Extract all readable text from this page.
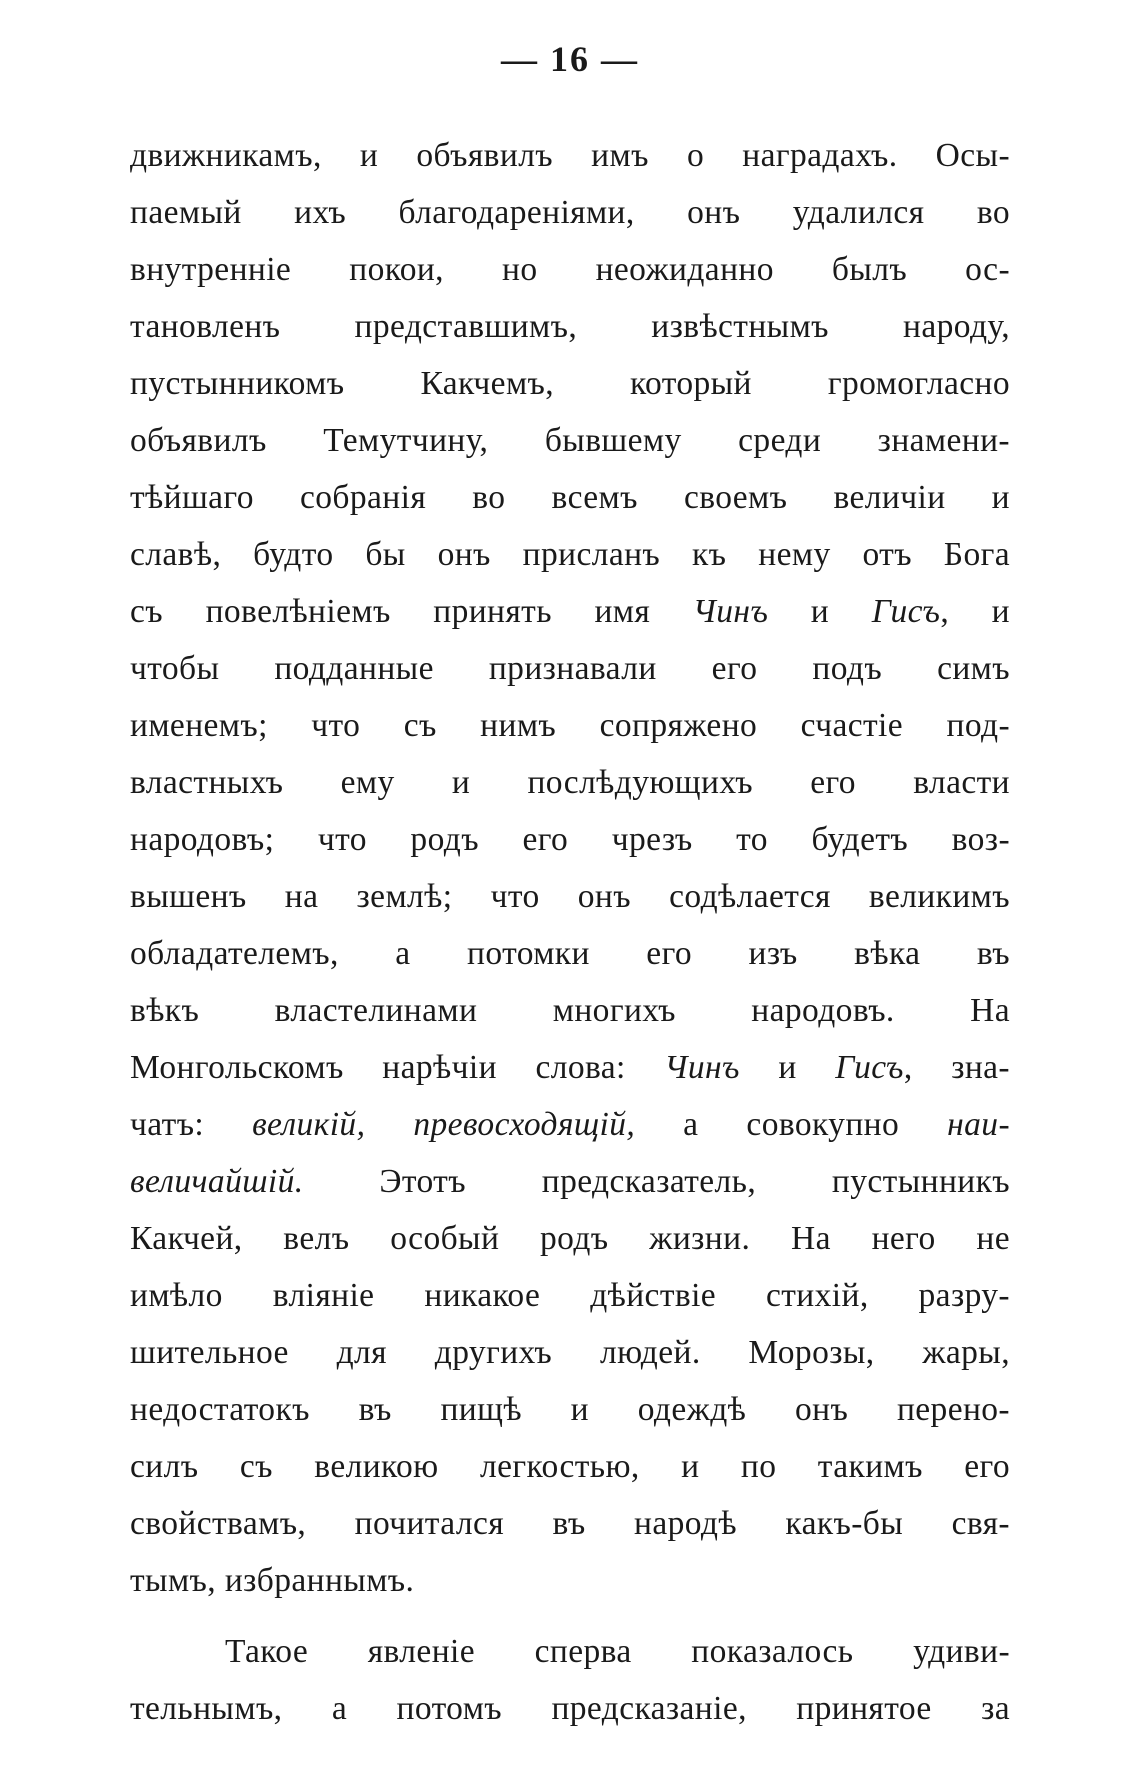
— 16 —
движникамъ, и объявилъ имъ о наградахъ. Осы-
паемый ихъ благодареніями, онъ удалился во
внутренніе покои, но неожиданно былъ ос-
тановленъ представшимъ, извѣстнымъ народу,
пустынникомъ Какчемъ, который громогласно
объявилъ Темутчину, бывшему среди знамени-
тѣйшаго собранія во всемъ своемъ величіи и
славѣ, будто бы онъ присланъ къ нему отъ Бога
съ повелѣніемъ принять имя Чинъ и Гисъ, и
чтобы подданные признавали его подъ симъ
именемъ; что съ нимъ сопряжено счастіе под-
властныхъ ему и послѣдующихъ его власти
народовъ; что родъ его чрезъ то будетъ воз-
вышенъ на землѣ; что онъ содѣлается великимъ
обладателемъ, а потомки его изъ вѣка въ
вѣкъ властелинами многихъ народовъ. На
Монгольскомъ нарѣчіи слова: Чинъ и Гисъ, зна-
чатъ: великій, превосходящій, а совокупно наи-
величайшій. Этотъ предсказатель, пустынникъ
Какчей, велъ особый родъ жизни. На него не
имѣло вліяніе никакое дѣйствіе стихій, разру-
шительное для другихъ людей. Морозы, жары,
недостатокъ въ пищѣ и одеждѣ онъ перено-
силъ съ великою легкостью, и по такимъ его
свойствамъ, почитался въ народѣ какъ-бы свя-
тымъ, избраннымъ.
Такое явленіе сперва показалось удиви-
тельнымъ, а потомъ предсказаніе, принятое за
